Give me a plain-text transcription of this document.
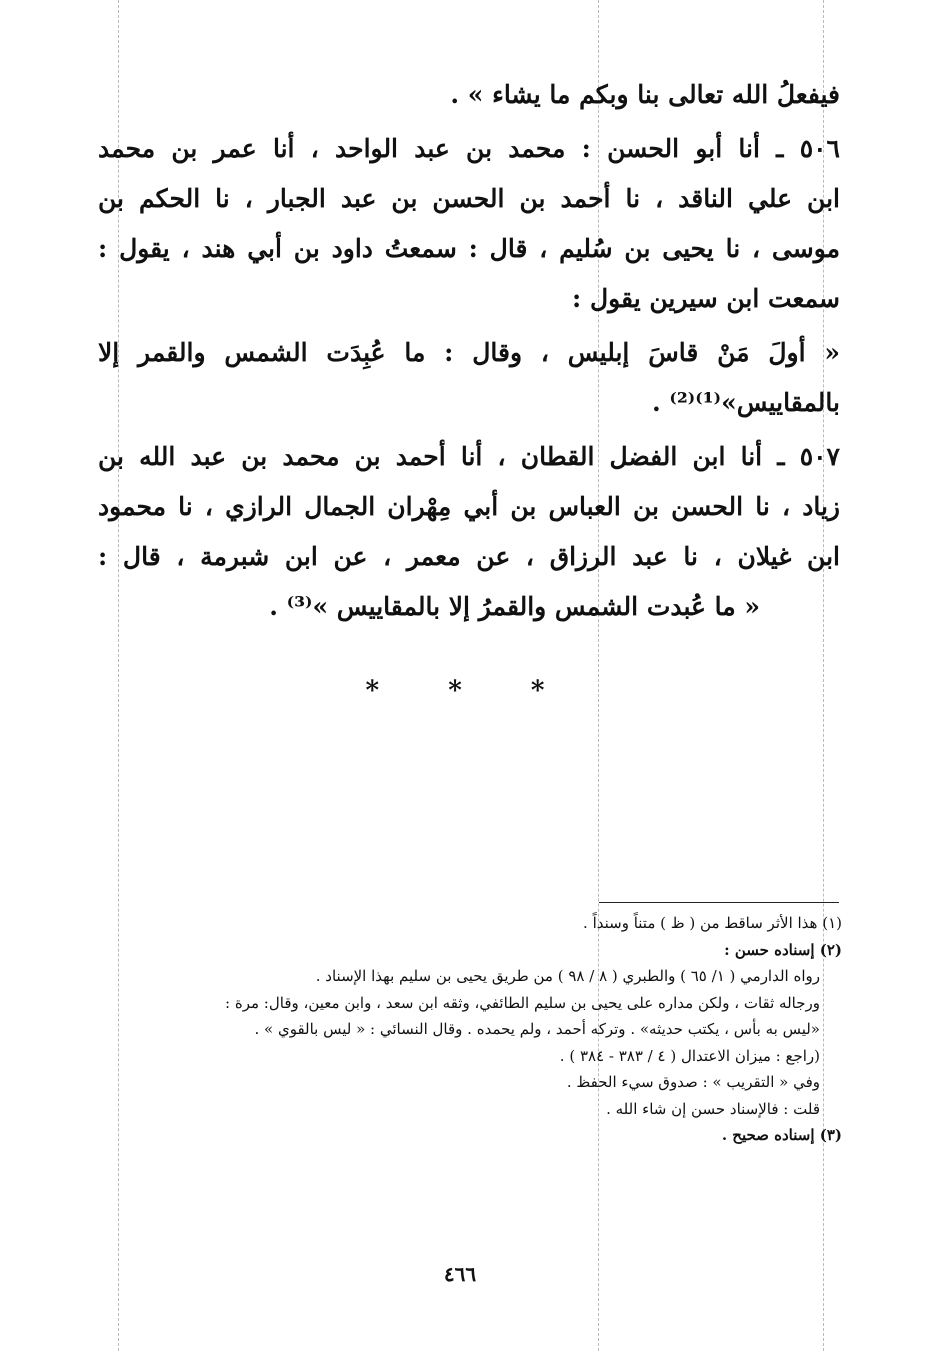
فيفعلُ الله تعالى بنا وبكم ما يشاء » .
٥٠٦ ـ أنا أبو الحسن : محمد بن عبد الواحد ، أنا عمر بن محمد
ابن علي الناقد ، نا أحمد بن الحسن بن عبد الجبار ، نا الحكم بن
موسى ، نا يحيى بن سُليم ، قال : سمعتُ داود بن أبي هند ، يقول :
سمعت ابن سيرين يقول :
« أولَ مَنْ قاسَ إبليس ، وقال : ما عُبِدَت الشمس والقمر إلا
بالمقاييس»⁽¹⁾⁽²⁾ .
٥٠٧ ـ أنا ابن الفضل القطان ، أنا أحمد بن محمد بن عبد الله بن
زياد ، نا الحسن بن العباس بن أبي مِهْران الجمال الرازي ، نا محمود
ابن غيلان ، نا عبد الرزاق ، عن معمر ، عن ابن شبرمة ، قال :
« ما عُبدت الشمس والقمرُ إلا بالمقاييس »⁽³⁾ .
* * *
(١) هذا الأثر ساقط من ( ظ ) متناً وسنداً .
(٢) إسناده حسن :
رواه الدارمي ( ١/ ٦٥ ) والطبري ( ٨ / ٩٨ ) من طريق يحيى بن سليم بهذا الإسناد .
ورجاله ثقات ، ولكن مداره على يحيى بن سليم الطائفي، وثقه ابن سعد ، وابن معين، وقال: مرة :
«ليس به بأس ، يكتب حديثه» . وتركه أحمد ، ولم يحمده . وقال النسائي : « ليس بالقوي » .
(راجع : ميزان الاعتدال ( ٤ / ٣٨٣ - ٣٨٤ ) .
وفي « التقريب » : صدوق سيء الحفظ .
قلت : فالإسناد حسن إن شاء الله .
(٣) إسناده صحيح .
٤٦٦
